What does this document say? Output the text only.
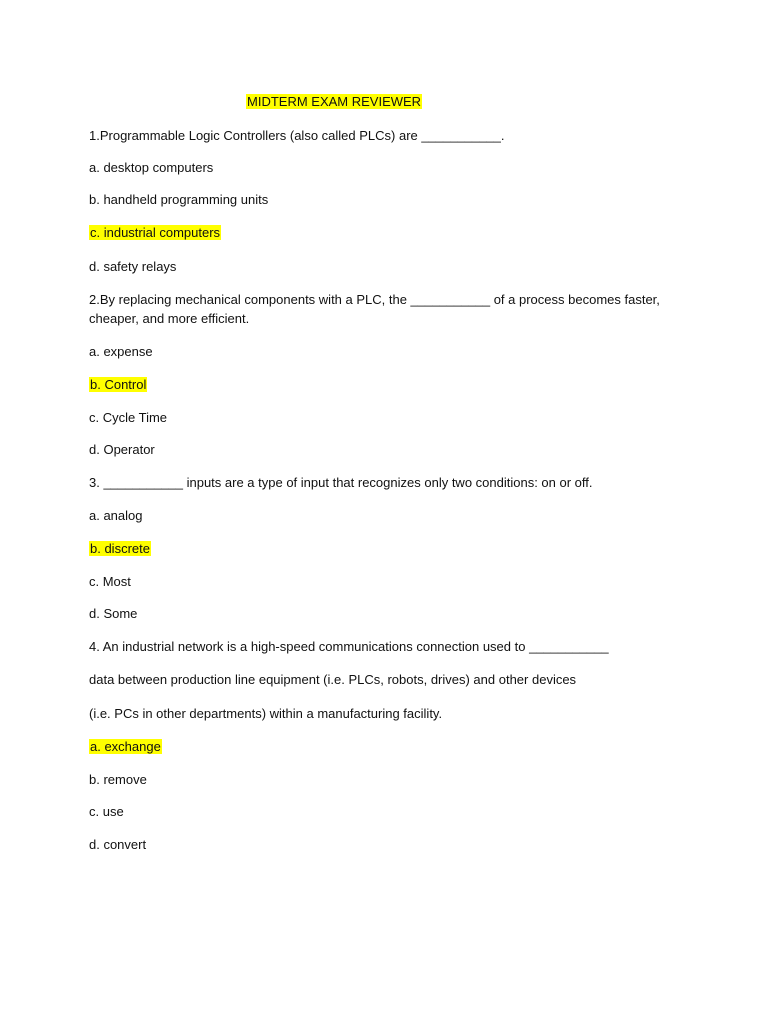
MIDTERM EXAM REVIEWER
1.Programmable Logic Controllers (also called PLCs) are ___________.
a. desktop computers
b. handheld programming units
c. industrial computers
d. safety relays
2.By replacing mechanical components with a PLC, the ___________ of a process becomes faster,
cheaper, and more efficient.
a. expense
b. Control
c. Cycle Time
d. Operator
3. ___________ inputs are a type of input that recognizes only two conditions: on or off.
a. analog
b. discrete
c. Most
d. Some
4. An industrial network is a high-speed communications connection used to ___________
data between production line equipment (i.e. PLCs, robots, drives) and other devices
(i.e. PCs in other departments) within a manufacturing facility.
a. exchange
b. remove
c. use
d. convert
